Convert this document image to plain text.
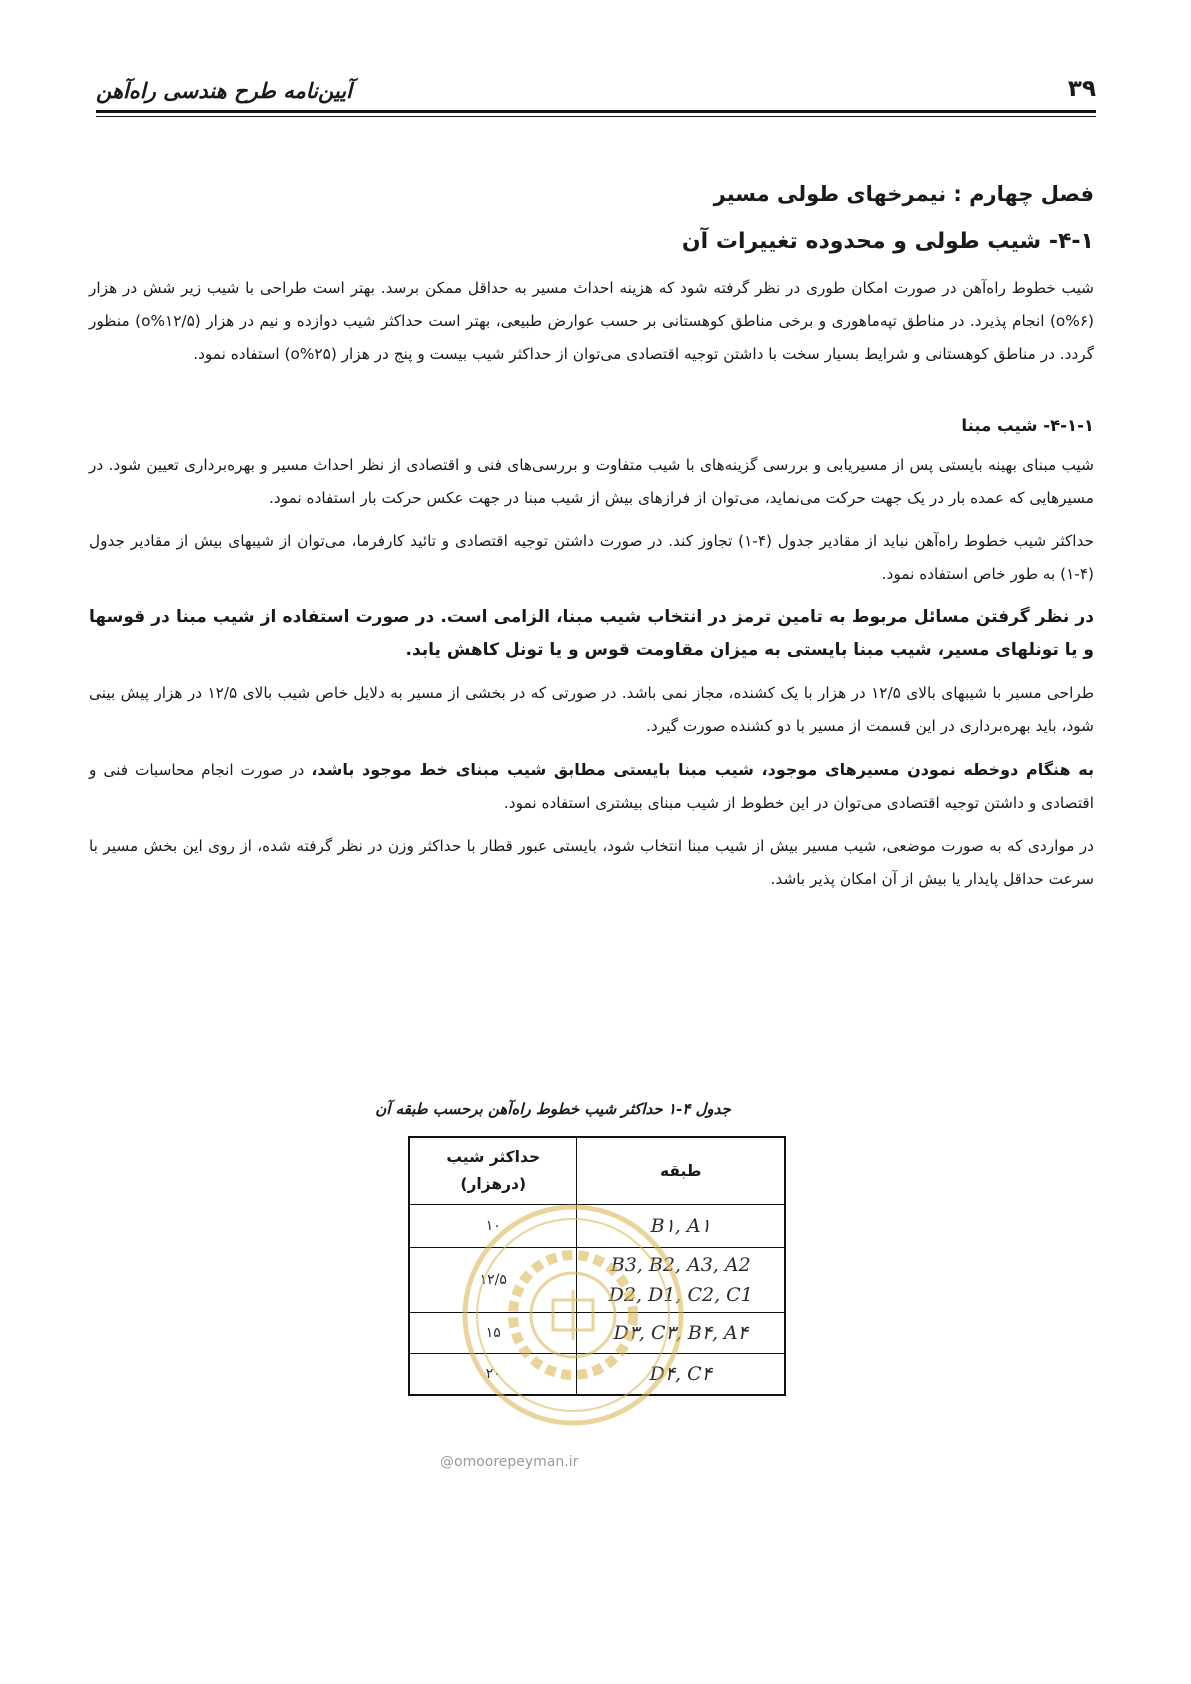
آیین‌نامه طرح هندسی راه‌آهن	۳۹
فصل چهارم : نیمرخهای طولی مسیر
۴-۱- شیب طولی و محدوده تغییرات آن

شیب خطوط راه‌آهن در صورت امکان طوری در نظر گرفته شود که هزینه احداث مسیر به حداقل ممکن برسد. بهتر است طراحی با شیب زیر شش در هزار (۶%o) انجام پذیرد. در مناطق تپه‌ماهوری و برخی مناطق کوهستانی بر حسب عوارض طبیعی، بهتر است حداکثر شیب دوازده و نیم در هزار (۱۲/۵%o) منظور گردد. در مناطق کوهستانی و شرایط بسیار سخت با داشتن توجیه اقتصادی می‌توان از حداکثر شیب بیست و پنج در هزار (۲۵%o) استفاده نمود.

۴-۱-۱- شیب مبنا

شیب مبنای بهینه بایستی پس از مسیریابی و بررسی گزینه‌های با شیب متفاوت و بررسی‌های فنی و اقتصادی از نظر احداث مسیر و بهره‌برداری تعیین شود. در مسیرهایی که عمده بار در یک جهت حرکت می‌نماید، می‌توان از فرازهای بیش از شیب مبنا در جهت عکس حرکت بار استفاده نمود.

حداکثر شیب خطوط راه‌آهن نباید از مقادیر جدول (۴-۱) تجاوز کند. در صورت داشتن توجیه اقتصادی و تائید کارفرما، می‌توان از شیبهای بیش از مقادیر جدول (۴-۱) به طور خاص استفاده نمود.

در نظر گرفتن مسائل مربوط به تامین ترمز در انتخاب شیب مبنا، الزامی است. در صورت استفاده از شیب مبنا در قوسها و یا تونلهای مسیر، شیب مبنا بایستی به میزان مقاومت قوس و یا تونل کاهش یابد.

طراحی مسیر با شیبهای بالای ۱۲/۵ در هزار با یک کشنده، مجاز نمی باشد. در صورتی که در بخشی از مسیر به دلایل خاص شیب بالای ۱۲/۵ در هزار پیش بینی شود، باید بهره‌برداری در این قسمت از مسیر با دو کشنده صورت گیرد.

به هنگام دوخطه نمودن مسیرهای موجود، شیب مبنا بایستی مطابق شیب مبنای خط موجود باشد، در صورت انجام محاسبات فنی و اقتصادی و داشتن توجیه اقتصادی می‌توان در این خطوط از شیب مبنای بیشتری استفاده نمود.

در مواردی که به صورت موضعی، شیب مسیر بیش از شیب مبنا انتخاب شود، بایستی عبور قطار با حداکثر وزن در نظر گرفته شده، از روی این بخش مسیر با سرعت حداقل پایدار یا بیش از آن امکان پذیر باشد.

جدول ۴-۱ حداکثر شیب خطوط راه‌آهن برحسب طبقه آن
طبقه	حداکثر شیب
(درهزار)

B۱, A۱	۱۰

B3, B2, A3, A2
D2, D1, C2, C1	۱۲/۵

D۳, C۳, B۴, A۴	۱۵

D۴, C۴	۲۰
@omoorepeyman.ir
